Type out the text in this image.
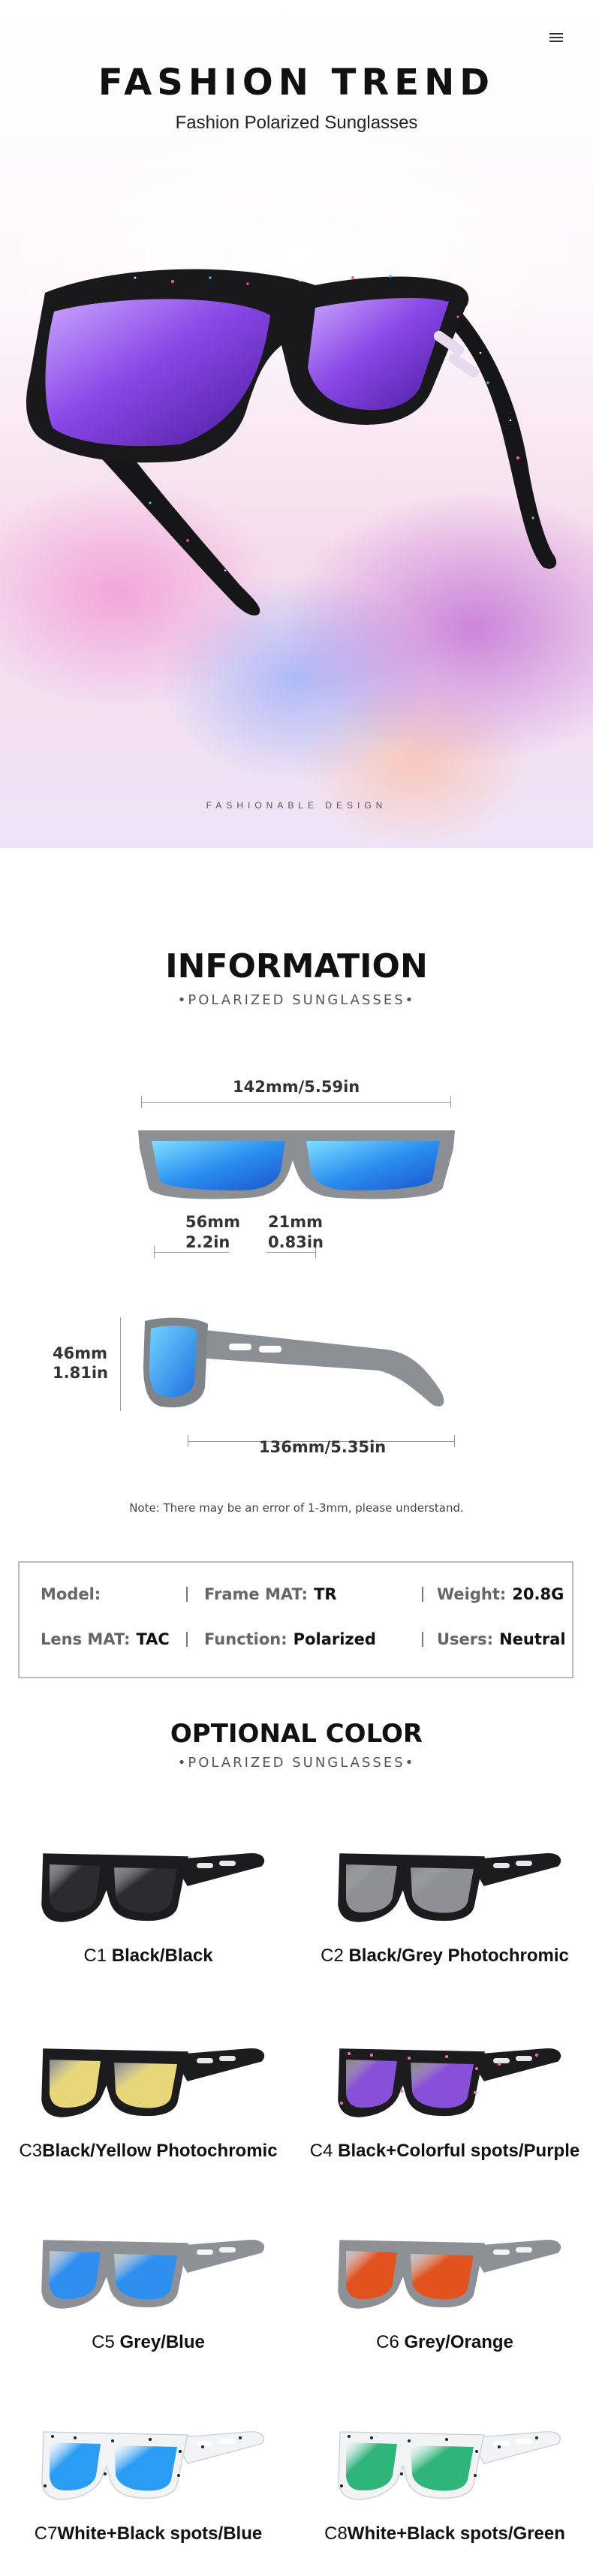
FASHION TREND
Fashion Polarized Sunglasses
FASHIONABLE DESIGN
INFORMATION
•POLARIZED SUNGLASSES•
142mm/5.59in
56mm
2.2in
21mm
0.83in
46mm
1.81in
136mm/5.35in
Note: There may be an error of 1-3mm, please understand.
Model:	Frame MAT: TR	Weight: 20.8G
Lens MAT: TAC Function: Polarized	Users: Neutral
OPTIONAL COLOR
•POLARIZED SUNGLASSES•
C1 Black/Black	C2 Black/Grey Photochromic
C3Black/Yellow Photochromic	C4 Black+Colorful spots/Purple
C5 Grey/Blue	C6 Grey/Orange
C7White+Black spots/Blue	C8White+Black spots/Green
